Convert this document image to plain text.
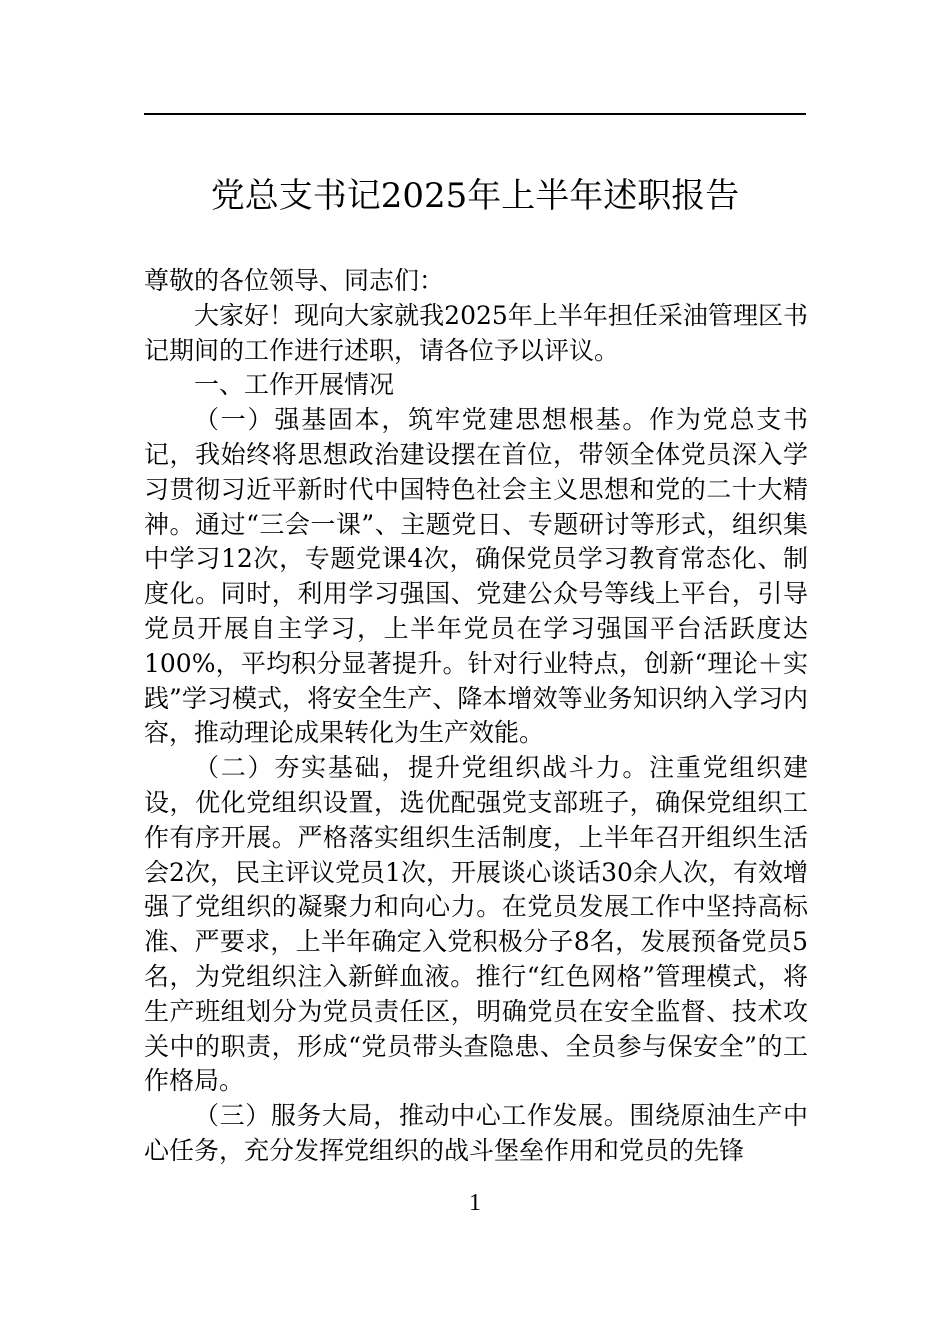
党总支书记2025年上半年述职报告

尊敬的各位领导、同志们：

大家好！现向大家就我2025年上半年担任采油管理区书记期间的工作进行述职，请各位予以评议。

一、工作开展情况

（一）强基固本，筑牢党建思想根基。作为党总支书记，我始终将思想政治建设摆在首位，带领全体党员深入学习贯彻习近平新时代中国特色社会主义思想和党的二十大精神。通过“三会一课”、主题党日、专题研讨等形式，组织集中学习12次，专题党课4次，确保党员学习教育常态化、制度化。同时，利用学习强国、党建公众号等线上平台，引导党员开展自主学习，上半年党员在学习强国平台活跃度达100%，平均积分显著提升。针对行业特点，创新“理论＋实践”学习模式，将安全生产、降本增效等业务知识纳入学习内容，推动理论成果转化为生产效能。

（二）夯实基础，提升党组织战斗力。注重党组织建设，优化党组织设置，选优配强党支部班子，确保党组织工作有序开展。严格落实组织生活制度，上半年召开组织生活会2次，民主评议党员1次，开展谈心谈话30余人次，有效增强了党组织的凝聚力和向心力。在党员发展工作中坚持高标准、严要求，上半年确定入党积极分子8名，发展预备党员5名，为党组织注入新鲜血液。推行“红色网格”管理模式，将生产班组划分为党员责任区，明确党员在安全监督、技术攻关中的职责，形成“党员带头查隐患、全员参与保安全”的工作格局。

（三）服务大局，推动中心工作发展。围绕原油生产中心任务，充分发挥党组织的战斗堡垒作用和党员的先锋

1
